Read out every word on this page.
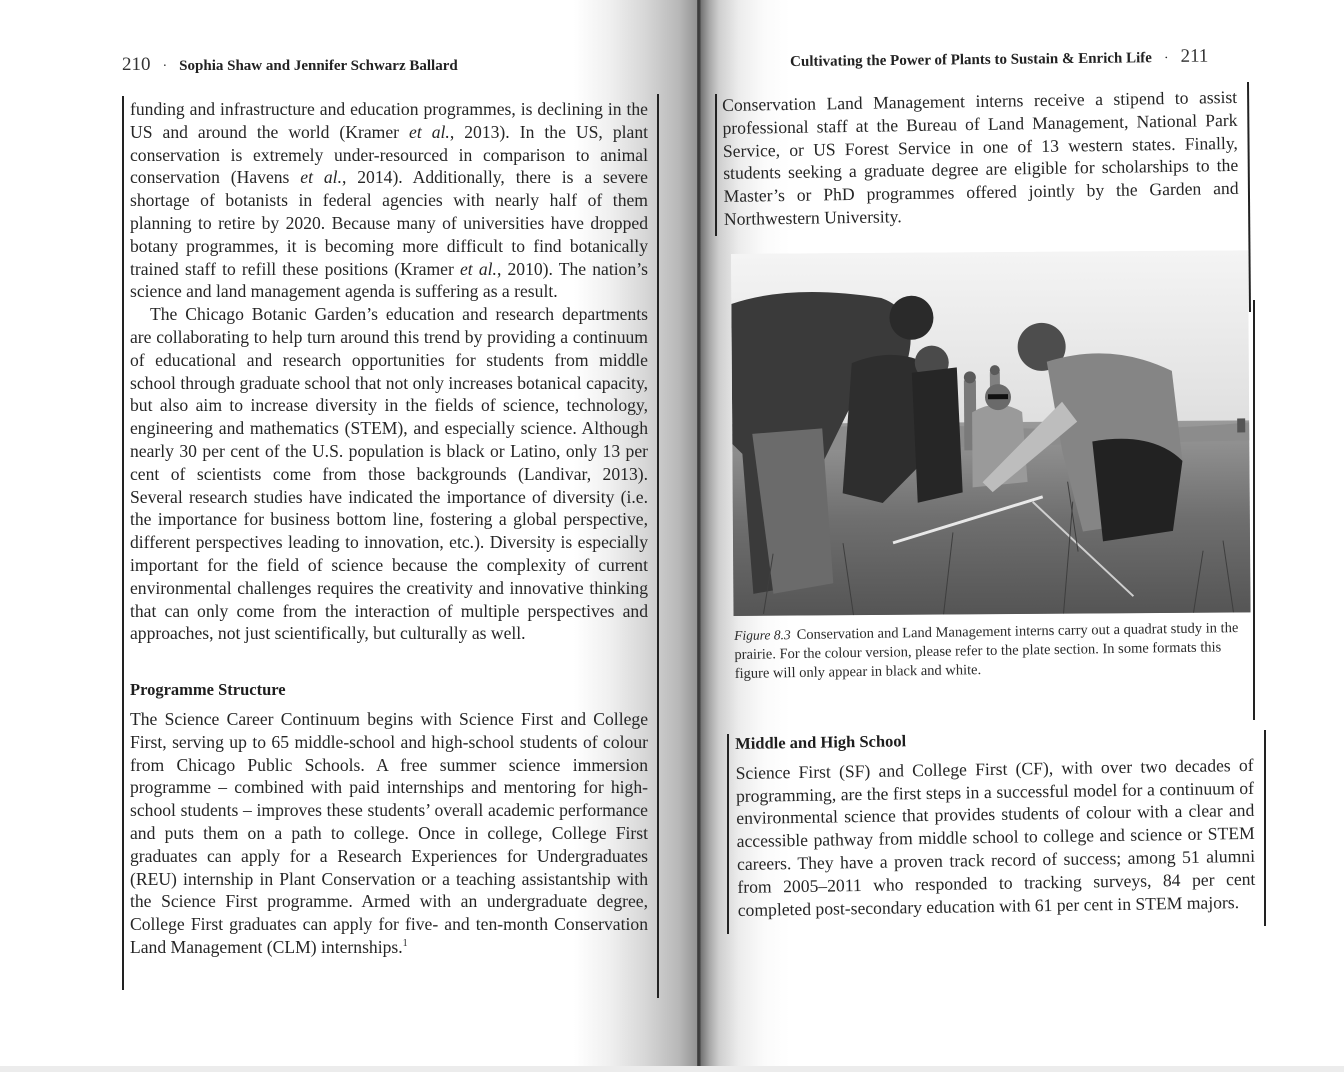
210 · Sophia Shaw and Jennifer Schwarz Ballard	Cultivating the Power of Plants to Sustain & Enrich Life · 211

funding and infrastructure and education programmes, is declining in the US and around the world (Kramer et al., 2013). In the US, plant conservation is extremely under-resourced in comparison to animal conservation (Havens et al., 2014). Additionally, there is a severe shortage of botanists in federal agencies with nearly half of them planning to retire by 2020. Because many of universities have dropped botany programmes, it is becoming more difficult to find botanically trained staff to refill these positions (Kramer et al., 2010). The nation’s science and land management agenda is suffering as a result.

The Chicago Botanic Garden’s education and research departments are collaborating to help turn around this trend by providing a continuum of educational and research opportunities for students from middle school through graduate school that not only increases botanical capacity, but also aim to increase diversity in the fields of science, technology, engineering and mathematics (STEM), and especially science. Although nearly 30 per cent of the U.S. population is black or Latino, only 13 per cent of scientists come from those backgrounds (Landivar, 2013). Several research studies have indicated the importance of diversity (i.e. the importance for business bottom line, fostering a global perspective, different perspectives leading to innovation, etc.). Diversity is especially important for the field of science because the complexity of current environmental challenges requires the creativity and innovative thinking that can only come from the interaction of multiple perspectives and approaches, not just scientifically, but culturally as well.

Programme Structure

The Science Career Continuum begins with Science First and College First, serving up to 65 middle-school and high-school students of colour from Chicago Public Schools. A free summer science immersion programme – combined with paid internships and mentoring for high-school students – improves these students’ overall academic performance and puts them on a path to college. Once in college, College First graduates can apply for a Research Experiences for Undergraduates (REU) internship in Plant Conservation or a teaching assistantship with the Science First programme. Armed with an undergraduate degree, College First graduates can apply for five- and ten-month Conservation Land Management (CLM) internships.$^1$

Conservation Land Management interns receive a stipend to assist professional staff at the Bureau of Land Management, National Park Service, or US Forest Service in one of 13 western states. Finally, students seeking a graduate degree are eligible for scholarships to the Master’s or PhD programmes offered jointly by the Garden and Northwestern University.

Figure 8.3 Conservation and Land Management interns carry out a quadrat study in the prairie. For the colour version, please refer to the plate section. In some formats this figure will only appear in black and white.
Middle and High School

Science First (SF) and College First (CF), with over two decades of programming, are the first steps in a successful model for a continuum of environmental science that provides students of colour with a clear and accessible pathway from middle school to college and science or STEM careers. They have a proven track record of success; among 51 alumni from 2005–2011 who responded to tracking surveys, 84 per cent completed post-secondary education with 61 per cent in STEM majors.
